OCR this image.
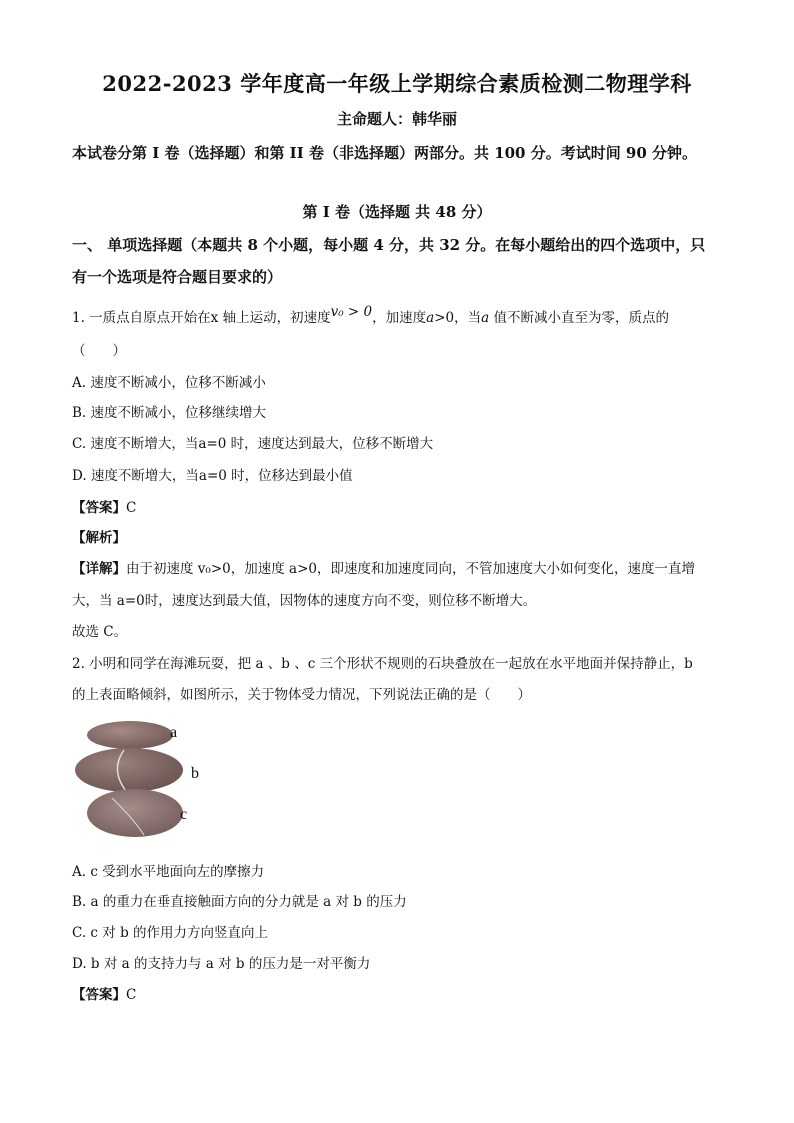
2022-2023 学年度高一年级上学期综合素质检测二物理学科
主命题人：韩华丽
本试卷分第 I 卷（选择题）和第 II 卷（非选择题）两部分。共 100 分。考试时间 90 分钟。
第 I 卷（选择题 共 48 分）
一、 单项选择题（本题共 8 个小题，每小题 4 分，共 32 分。在每小题给出的四个选项中，只有一个选项是符合题目要求的）
1. 一质点自原点开始在x 轴上运动，初速度v₀ > 0，加速度a>0，当a 值不断减小直至为零，质点的
（　　）
A. 速度不断减小，位移不断减小
B. 速度不断减小，位移继续增大
C. 速度不断增大，当a=0 时，速度达到最大，位移不断增大
D. 速度不断增大，当a=0 时，位移达到最小值
【答案】C
【解析】
【详解】由于初速度 v₀>0，加速度 a>0，即速度和加速度同向，不管加速度大小如何变化，速度一直增
大，当 a=0时，速度达到最大值，因物体的速度方向不变，则位移不断增大。
故选 C。
2. 小明和同学在海滩玩耍，把 a 、b 、c 三个形状不规则的石块叠放在一起放在水平地面并保持静止，b
的上表面略倾斜，如图所示，关于物体受力情况，下列说法正确的是（　　）
a
b
c
A. c 受到水平地面向左的摩擦力
B. a 的重力在垂直接触面方向的分力就是 a 对 b 的压力
C. c 对 b 的作用力方向竖直向上
D. b 对 a 的支持力与 a 对 b 的压力是一对平衡力
【答案】C
